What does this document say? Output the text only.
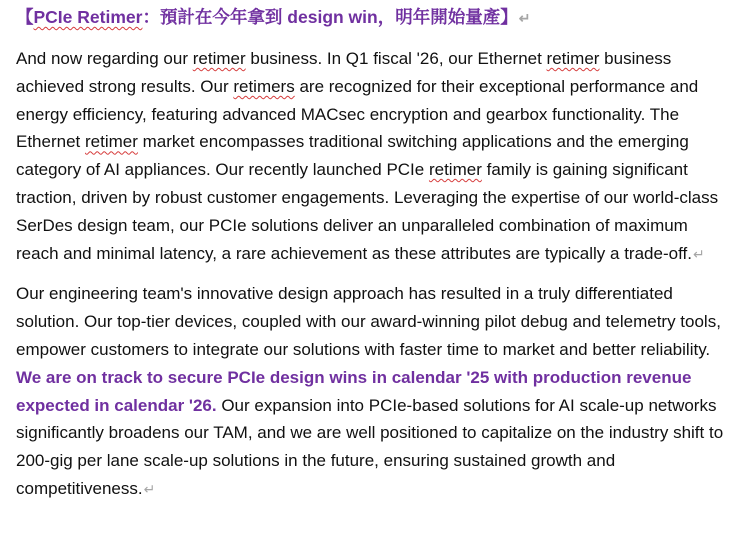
【PCIe Retimer：預計在今年拿到 design win，明年開始量產】↵

And now regarding our retimer business. In Q1 fiscal '26, our Ethernet retimer business achieved strong results. Our retimers are recognized for their exceptional performance and energy efficiency, featuring advanced MACsec encryption and gearbox functionality. The Ethernet retimer market encompasses traditional switching applications and the emerging category of AI appliances. Our recently launched PCIe retimer family is gaining significant traction, driven by robust customer engagements. Leveraging the expertise of our world-class SerDes design team, our PCIe solutions deliver an unparalleled combination of maximum reach and minimal latency, a rare achievement as these attributes are typically a trade-off.↵

Our engineering team's innovative design approach has resulted in a truly differentiated solution. Our top-tier devices, coupled with our award-winning pilot debug and telemetry tools, empower customers to integrate our solutions with faster time to market and better reliability. We are on track to secure PCIe design wins in calendar '25 with production revenue expected in calendar '26. Our expansion into PCIe-based solutions for AI scale-up networks significantly broadens our TAM, and we are well positioned to capitalize on the industry shift to 200-gig per lane scale-up solutions in the future, ensuring sustained growth and competitiveness.↵
